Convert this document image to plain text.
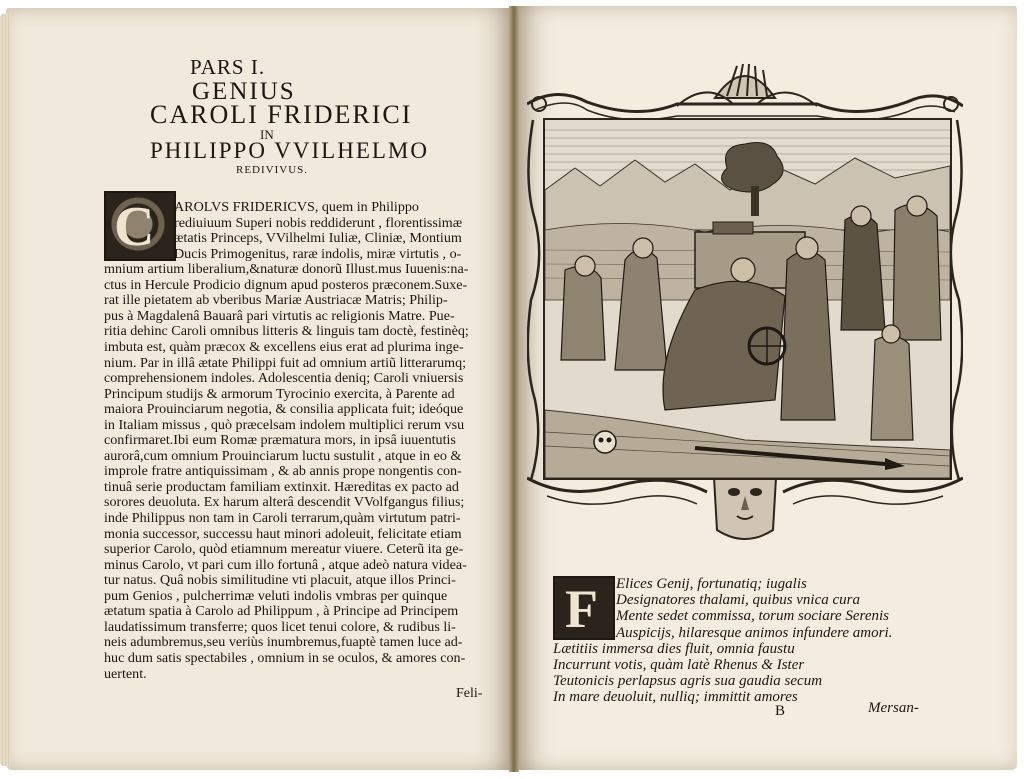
PARS I.
GENIUS
CAROLI FRIDERICI
IN
PHILIPPO VVILHELMO
REDIVIVUS.
C AROLVS FRIDERICVS, quem in Philippo
rediuiuum Superi nobis reddiderunt , florentissimæ
ætatis Princeps, VVilhelmi Iuliæ, Cliniæ, Montium
Ducis Primogenitus, raræ indolis, miræ virtutis , o-
mnium artium liberalium,&naturæ donorũ Illust.mus Iuuenis:na-
ctus in Hercule Prodicio dignum apud posteros præconem.Suxe-
rat ille pietatem ab vberibus Mariæ Austriacæ Matris; Philip-
pus à Magdalenâ Bauarâ pari virtutis ac religionis Matre. Pue-
ritia dehinc Caroli omnibus litteris & linguis tam doctè, festinèq;
imbuta est, quàm præcox & excellens eius erat ad plurima inge-
nium. Par in illâ ætate Philippi fuit ad omnium artiũ litterarumq;
comprehensionem indoles. Adolescentia deniq; Caroli vniuersis
Principum studijs & armorum Tyrocinio exercita, à Parente ad
maiora Prouinciarum negotia, & consilia applicata fuit; ideóque
in Italiam missus , quò præcelsam indolem multiplici rerum vsu
confirmaret.Ibi eum Romæ præmatura mors, in ipsâ iuuentutis
aurorâ,cum omnium Prouinciarum luctu sustulit , atque in eo &
improle fratre antiquissimam , & ab annis prope nongentis con-
tinuâ serie productam familiam extinxit. Hæreditas ex pacto ad
sorores deuoluta. Ex harum alterâ descendit VVolfgangus filius;
inde Philippus non tam in Caroli terrarum,quàm virtutum patri-
monia successor, successu haut minori adoleuit, felicitate etiam
superior Carolo, quòd etiamnum mereatur viuere. Ceterũ ita ge-
minus Carolo, vt pari cum illo fortunâ , atque adeò natura videa-
tur natus. Quâ nobis similitudine vti placuit, atque illos Princi-
pum Genios , pulcherrimæ veluti indolis vmbras per quinque
ætatum spatia à Carolo ad Philippum , à Principe ad Principem
laudatissimum transferre; quos licet tenui colore, & rudibus li-
neis adumbremus,seu veriùs inumbremus,fuaptè tamen luce ad-
huc dum satis spectabiles , omnium in se oculos, & amores con-
uertent.
Feli-
F Elices Genij, fortunatiq; iugalis
Designatores thalami, quibus vnica cura
Mente sedet commissa, torum sociare Serenis
Auspicijs, hilaresque animos infundere amori.
Lætitiis immersa dies fluit, omnia faustu
Incurrunt votis, quàm latè Rhenus & Ister
Teutonicis perlapsus agris sua gaudia secum
In mare deuoluit, nulliq; immittit amores
B	Mersan-
